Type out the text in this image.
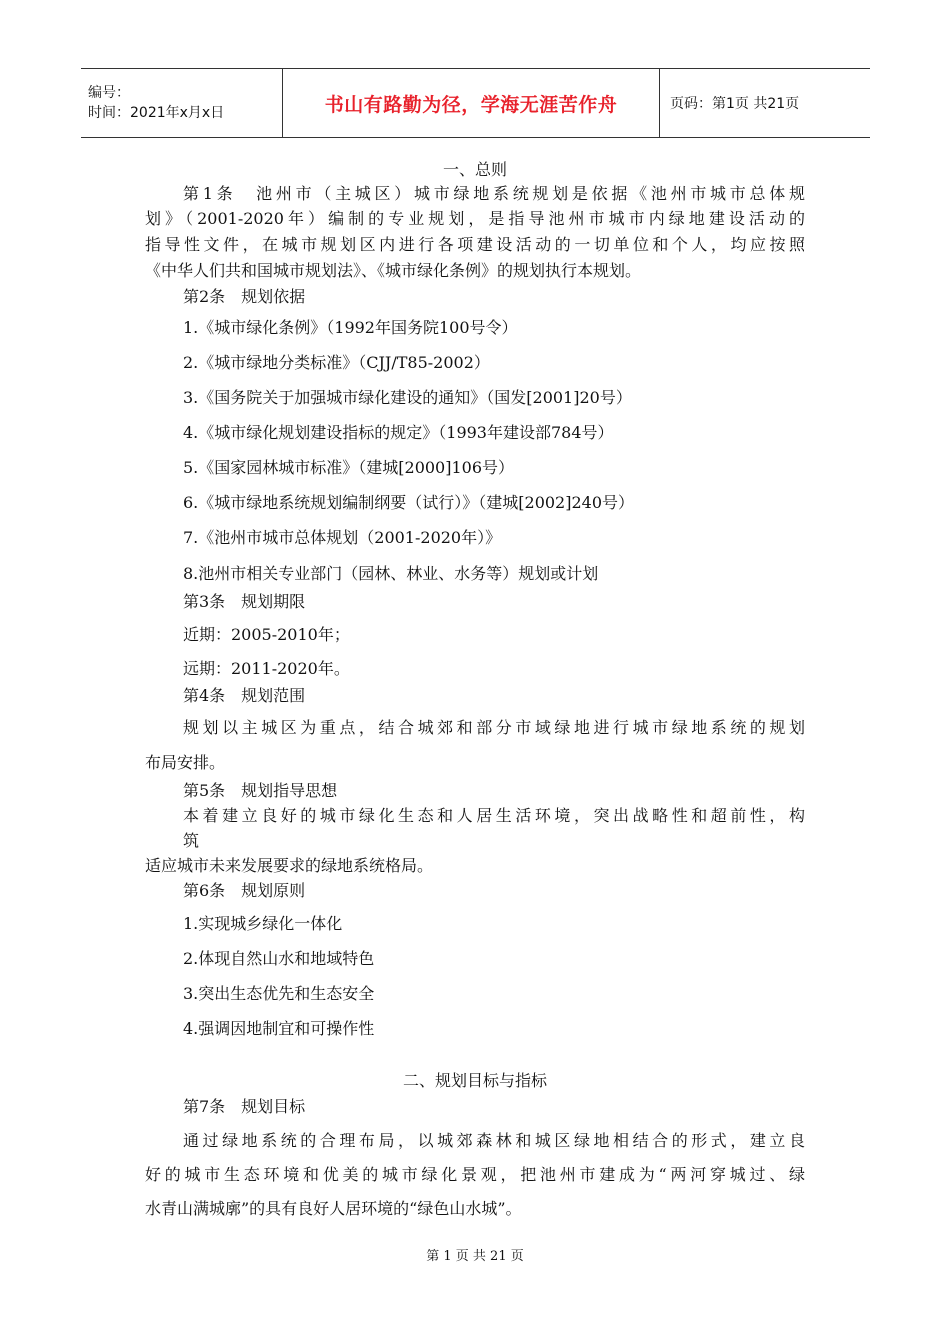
编号：
时间：2021年x月x日	书山有路勤为径，学海无涯苦作舟	页码：第1页 共21页
一、总则
第1条　池州市（主城区）城市绿地系统规划是依据《池州市城市总体规
划》（2001-2020年）编制的专业规划，是指导池州市城市内绿地建设活动的
指导性文件，在城市规划区内进行各项建设活动的一切单位和个人，均应按照
《中华人们共和国城市规划法》、《城市绿化条例》的规划执行本规划。
第2条　规划依据
1.《城市绿化条例》（1992年国务院100号令）
2.《城市绿地分类标准》（CJJ/T85-2002）
3.《国务院关于加强城市绿化建设的通知》（国发[2001]20号）
4.《城市绿化规划建设指标的规定》（1993年建设部784号）
5.《国家园林城市标准》（建城[2000]106号）
6.《城市绿地系统规划编制纲要（试行）》（建城[2002]240号）
7.《池州市城市总体规划（2001-2020年）》
8.池州市相关专业部门（园林、林业、水务等）规划或计划
第3条　规划期限
近期：2005-2010年；
远期：2011-2020年。
第4条　规划范围
规划以主城区为重点，结合城郊和部分市域绿地进行城市绿地系统的规划
布局安排。
第5条　规划指导思想
本着建立良好的城市绿化生态和人居生活环境，突出战略性和超前性，构
筑
适应城市未来发展要求的绿地系统格局。
第6条　规划原则
1.实现城乡绿化一体化
2.体现自然山水和地域特色
3.突出生态优先和生态安全
4.强调因地制宜和可操作性
二、规划目标与指标
第7条　规划目标
通过绿地系统的合理布局，以城郊森林和城区绿地相结合的形式，建立良
好的城市生态环境和优美的城市绿化景观，把池州市建成为“两河穿城过、绿
水青山满城廓”的具有良好人居环境的“绿色山水城”。
第 1 页 共 21 页
